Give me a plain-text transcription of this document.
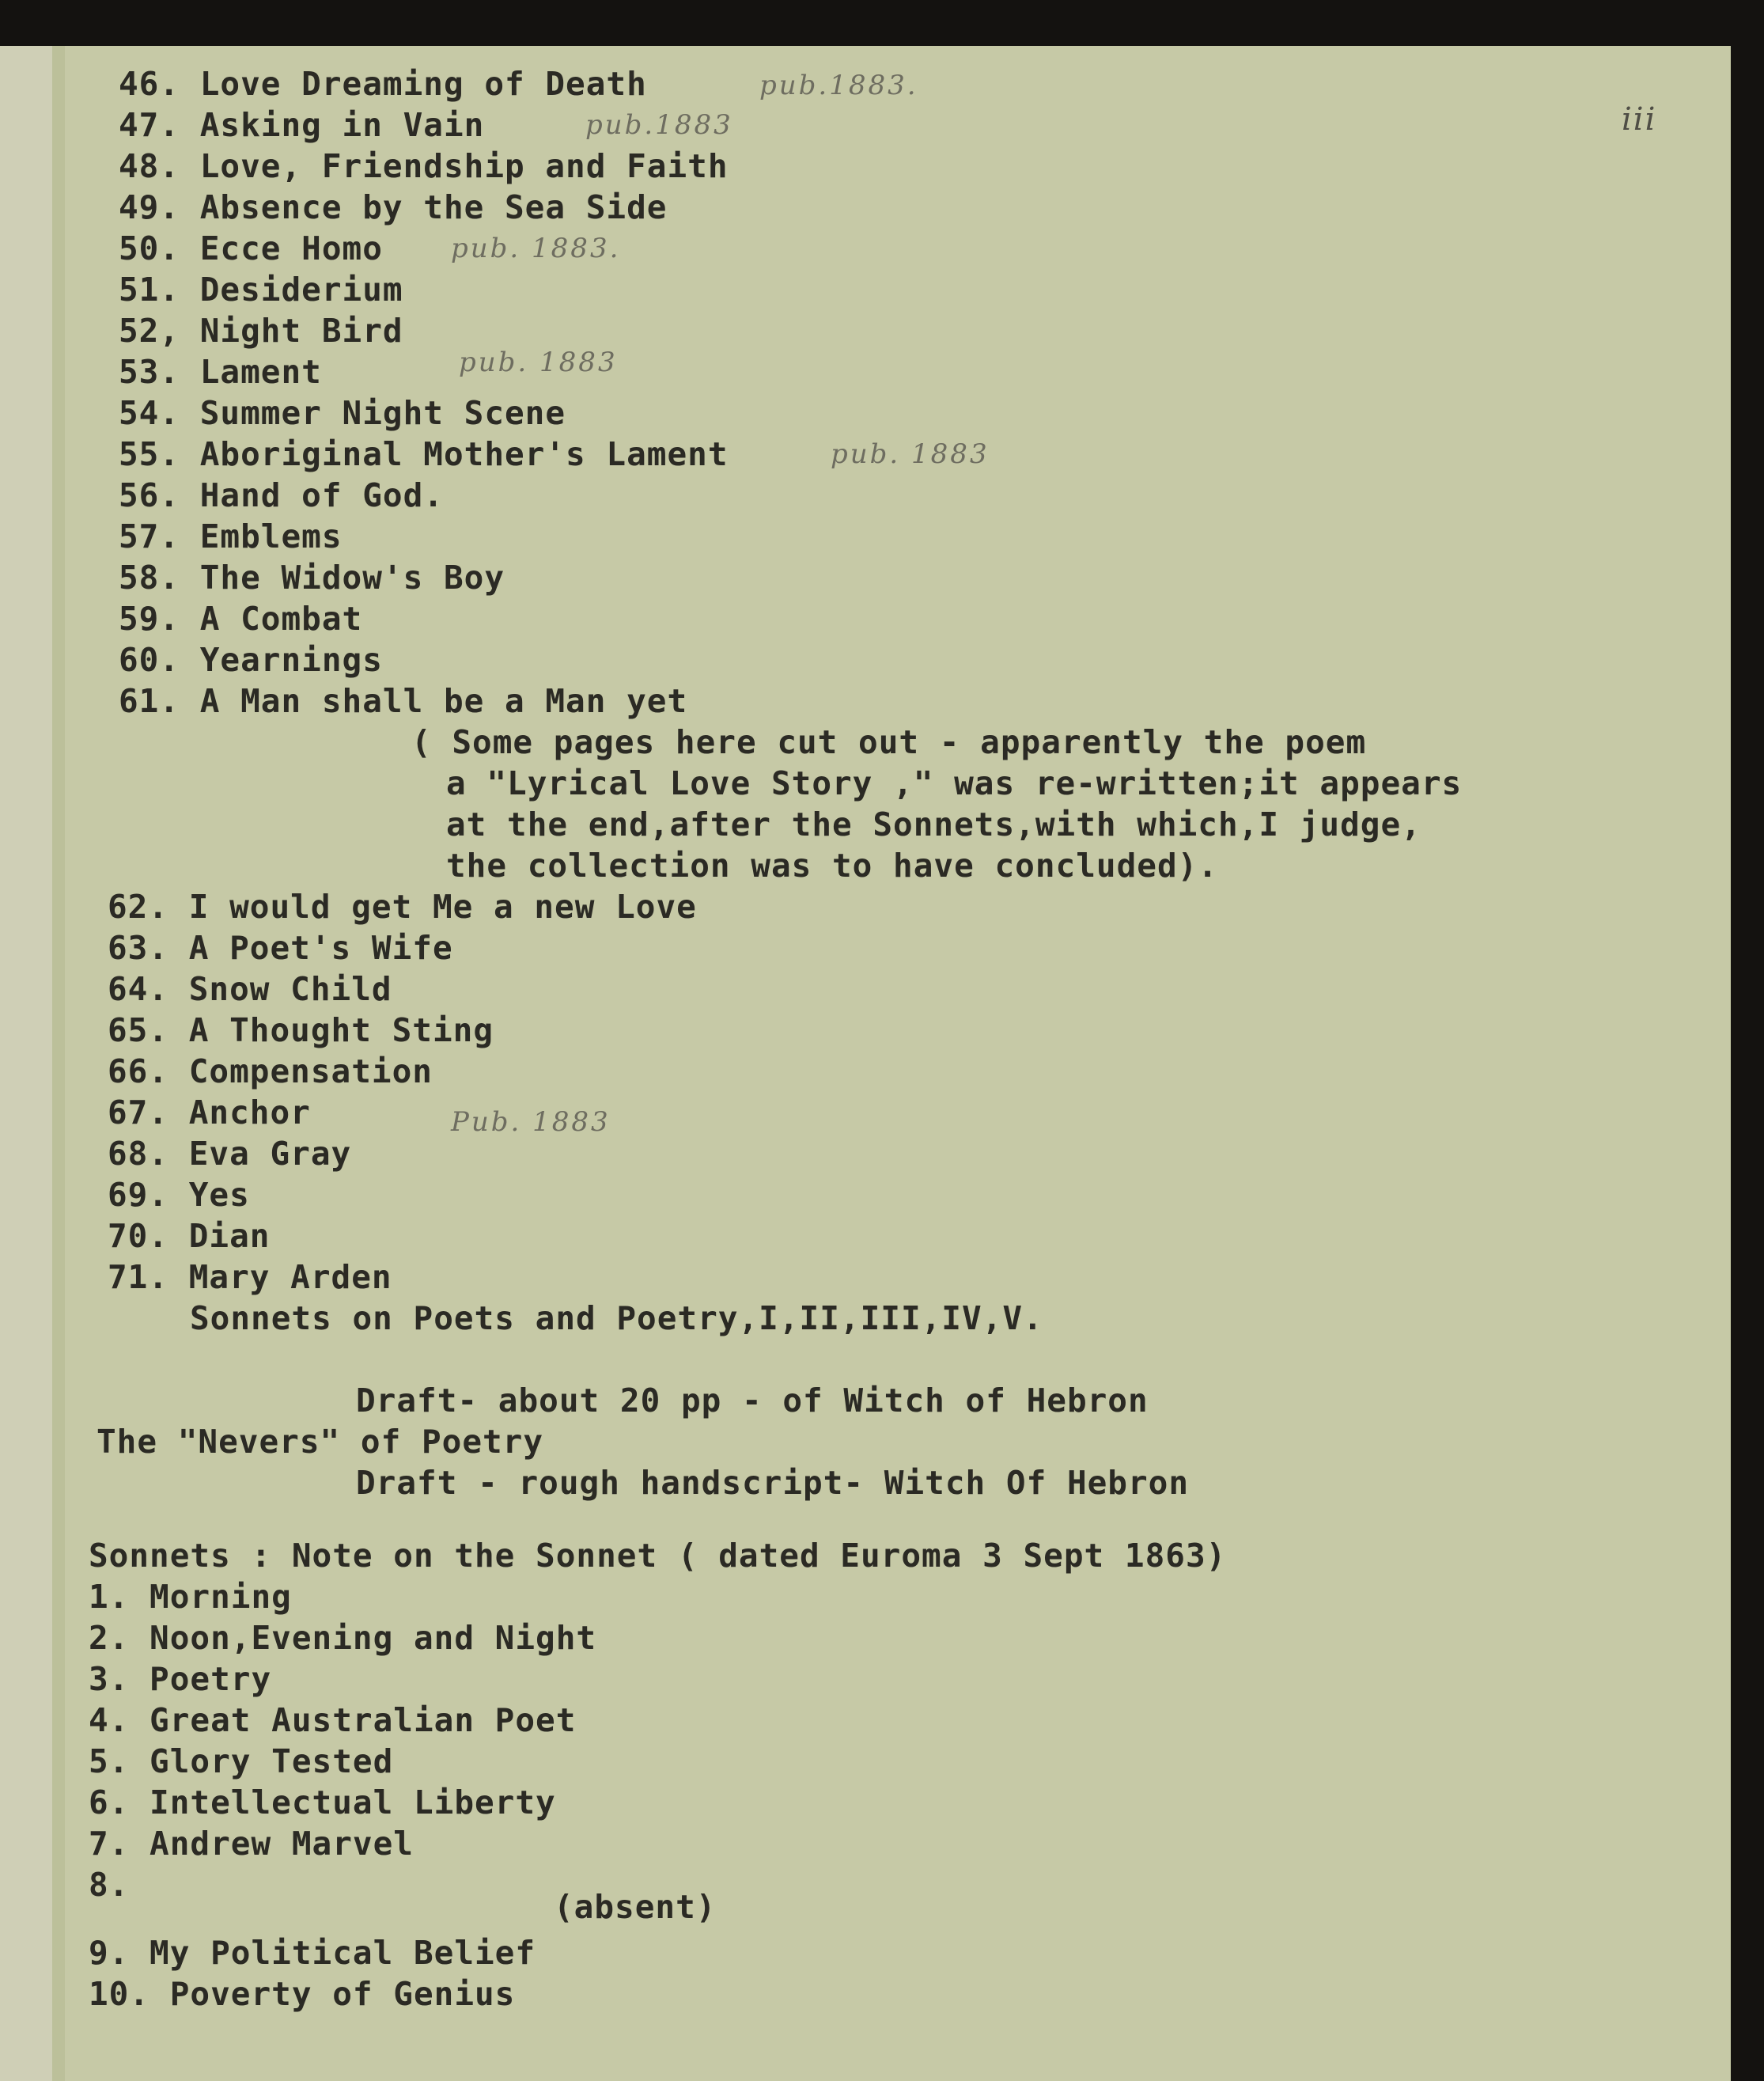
46. Love Dreaming of Death
47. Asking in Vain
48. Love, Friendship and Faith
49. Absence by the Sea Side
50. Ecce Homo
51. Desiderium
52, Night Bird
53. Lament
54. Summer Night Scene
55. Aboriginal Mother's Lament
56. Hand of God.
57. Emblems
58. The Widow's Boy
59. A Combat
60. Yearnings
61. A Man shall be a Man yet
( Some pages here cut out - apparently the poem
a "Lyrical Love Story ," was re-written;it appears
at the end,after the Sonnets,with which,I judge,
the collection was to have concluded).
62. I would get Me a new Love
63. A Poet's Wife
64. Snow Child
65. A Thought Sting
66. Compensation
67. Anchor
68. Eva Gray
69. Yes
70. Dian
71. Mary Arden
Sonnets on Poets and Poetry,I,II,III,IV,V.
Draft- about 20 pp - of Witch of Hebron
The "Nevers" of Poetry
Draft - rough handscript- Witch Of Hebron
Sonnets : Note on the Sonnet ( dated Euroma 3 Sept 1863)
1. Morning
2. Noon,Evening and Night
3. Poetry
4. Great Australian Poet
5. Glory Tested
6. Intellectual Liberty
7. Andrew Marvel
8.
(absent)
9. My Political Belief
10. Poverty of Genius
pub.1883.
pub.1883
pub. 1883.
pub. 1883
pub. 1883
Pub. 1883
iii
